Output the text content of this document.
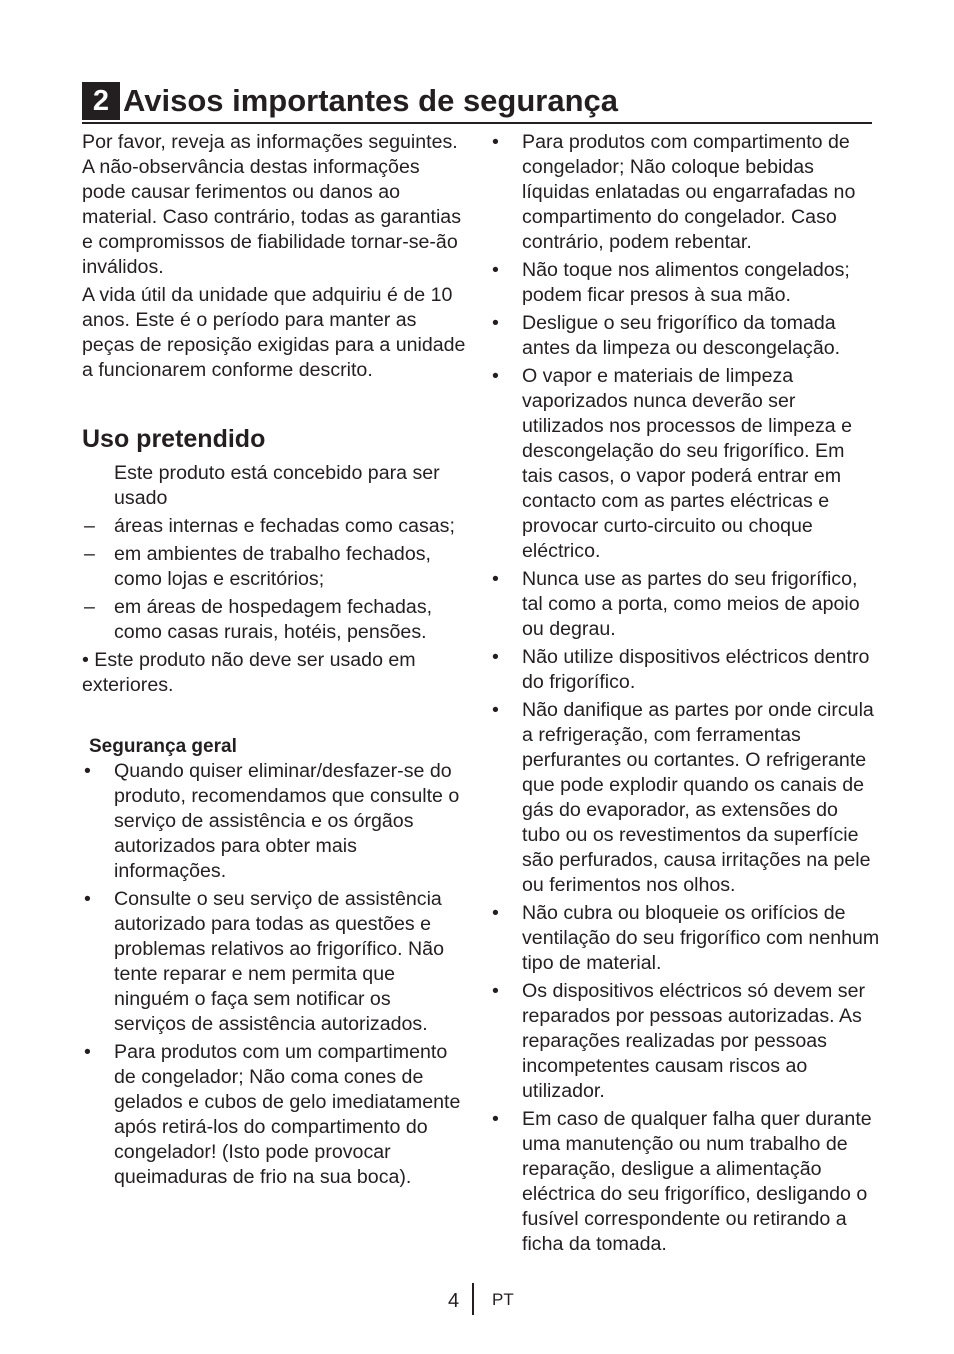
2 Avisos importantes de segurança

Por favor, reveja as informações seguintes. A não-observância destas informações pode causar ferimentos ou danos ao material. Caso contrário, todas as garantias e compromissos de fiabilidade tornar-se-ão inválidos.

A vida útil da unidade que adquiriu é de 10 anos. Este é o período para manter as peças de reposição exigidas para a unidade a funcionarem conforme descrito.

Uso pretendido

Este produto está concebido para ser usado

– áreas internas e fechadas como casas;
– em ambientes de trabalho fechados, como lojas e escritórios;
– em áreas de hospedagem fechadas, como casas rurais, hotéis, pensões.

• Este produto não deve ser usado em exteriores.

Segurança geral
• Quando quiser eliminar/desfazer-se do produto, recomendamos que consulte o serviço de assistência e os órgãos autorizados para obter mais informações.
• Consulte o seu serviço de assistência autorizado para todas as questões e problemas relativos ao frigorífico. Não tente reparar e nem permita que ninguém o faça sem notificar os serviços de assistência autorizados.
• Para produtos com um compartimento de congelador; Não coma cones de gelados e cubos de gelo imediatamente após retirá-los do compartimento do congelador! (Isto pode provocar queimaduras de frio na sua boca).
• Para produtos com compartimento de congelador; Não coloque bebidas líquidas enlatadas ou engarrafadas no compartimento do congelador. Caso contrário, podem rebentar.
• Não toque nos alimentos congelados; podem ficar presos à sua mão.
• Desligue o seu frigorífico da tomada antes da limpeza ou descongelação.
• O vapor e materiais de limpeza vaporizados nunca deverão ser utilizados nos processos de limpeza e descongelação do seu frigorífico. Em tais casos, o vapor poderá entrar em contacto com as partes eléctricas e provocar curto-circuito ou choque eléctrico.
• Nunca use as partes do seu frigorífico, tal como a porta, como meios de apoio ou degrau.
• Não utilize dispositivos eléctricos dentro do frigorífico.
• Não danifique as partes por onde circula a refrigeração, com ferramentas perfurantes ou cortantes. O refrigerante que pode explodir quando os canais de gás do evaporador, as extensões do tubo ou os revestimentos da superfície são perfurados, causa irritações na pele ou ferimentos nos olhos.
• Não cubra ou bloqueie os orifícios de ventilação do seu frigorífico com nenhum tipo de material.
• Os dispositivos eléctricos só devem ser reparados por pessoas autorizadas. As reparações realizadas por pessoas incompetentes causam riscos ao utilizador.
• Em caso de qualquer falha quer durante uma manutenção ou num trabalho de reparação, desligue a alimentação eléctrica do seu frigorífico, desligando o fusível correspondente ou retirando a ficha da tomada.
4 PT
